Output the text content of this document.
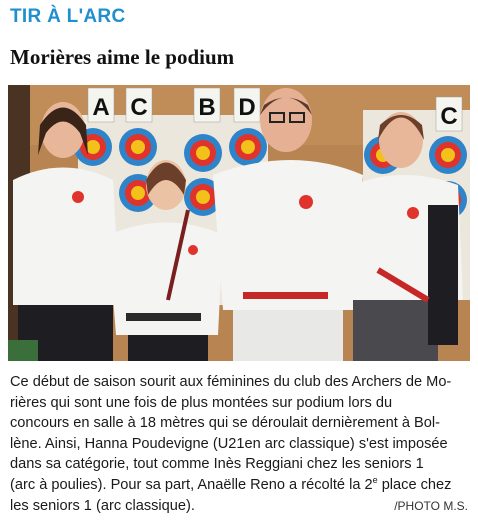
TIR À L'ARC
Morières aime le podium
A C B D	C
Ce début de saison sourit aux féminines du club des Archers de Mo-
rières qui sont une fois de plus montées sur podium lors du
concours en salle à 18 mètres qui se déroulait dernièrement à Bol-
lène. Ainsi, Hanna Poudevigne (U21en arc classique) s'est imposée
dans sa catégorie, tout comme Inès Reggiani chez les seniors 1
(arc à poulies). Pour sa part, Anaëlle Reno a récolté la 2e place chez
les seniors 1 (arc classique).	/PHOTO M.S.
